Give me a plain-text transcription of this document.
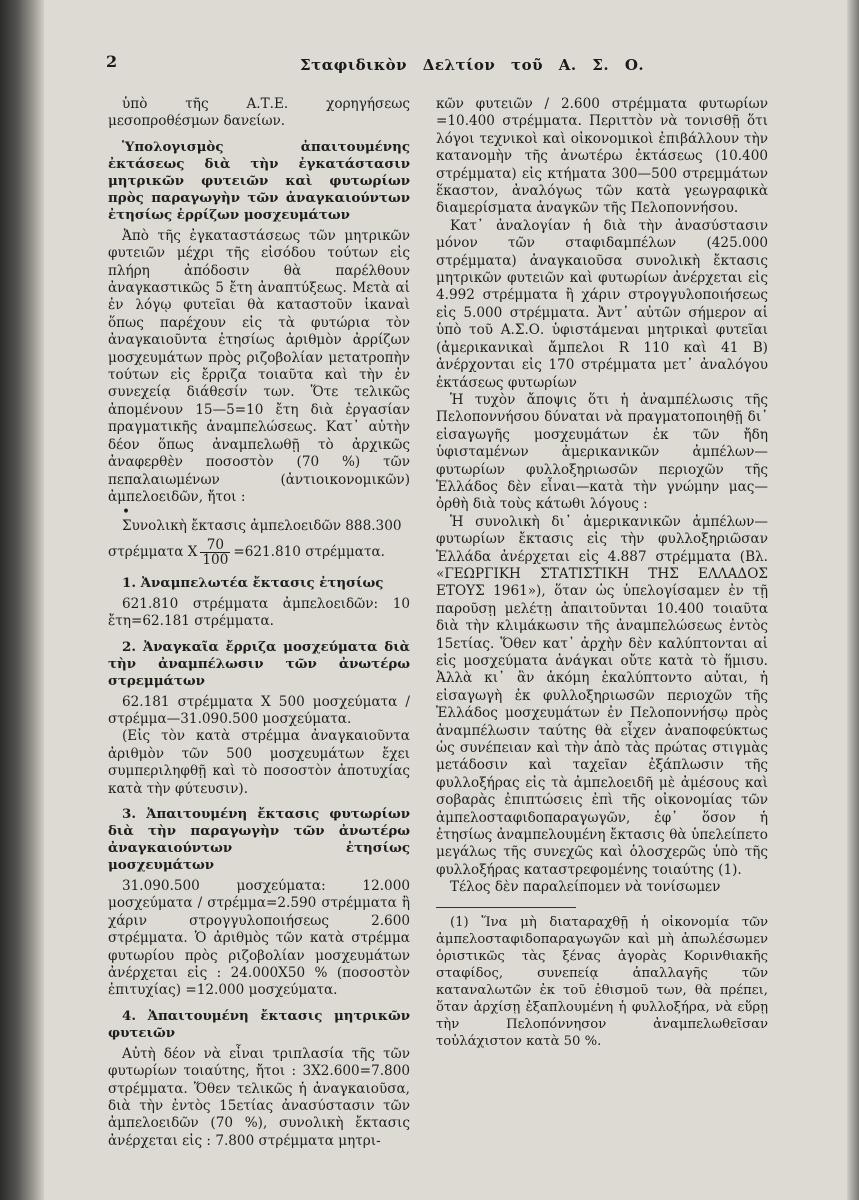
2	Σταφιδικὸν Δελτίον τοῦ Α. Σ. Ο.

ὑπὸ τῆς Α.Τ.Ε. χορηγήσεως μεσοπροθέσμων δανείων.

Ὑπολογισμὸς ἀπαιτουμένης ἐκτάσεως διὰ τὴν ἐγκατάστασιν μητρικῶν φυτειῶν καὶ φυτωρίων πρὸς παραγωγὴν τῶν ἀναγκαιούντων ἐτησίως ἐρρίζων μοσχευμάτων

Ἀπὸ τῆς ἐγκαταστάσεως τῶν μητρικῶν φυτειῶν μέχρι τῆς εἰσόδου τούτων εἰς πλήρη ἀπόδοσιν θὰ παρέλθουν ἀναγκαστικῶς 5 ἔτη ἀναπτύξεως. Μετὰ αἱ ἐν λόγῳ φυτεῖαι θὰ καταστοῦν ἱκαναὶ ὅπως παρέχουν εἰς τὰ φυτώρια τὸν ἀναγκαιοῦντα ἐτησίως ἀριθμὸν ἀρρίζων μοσχευμάτων πρὸς ριζοβολίαν μετατροπὴν τούτων εἰς ἔρριζα τοιαῦτα καὶ τὴν ἐν συνεχείᾳ διάθεσίν των. Ὅτε τελικῶς ἀπομένουν 15—5=10 ἔτη διὰ ἐργασίαν πραγματικῆς ἀναμπελώσεως. Κατ᾽ αὐτὴν δέον ὅπως ἀναμπελωθῇ τὸ ἀρχικῶς ἀναφερθὲν ποσοστὸν (70 %) τῶν πεπαλαιωμένων (ἀντιοικονομικῶν) ἀμπελοειδῶν, ἤτοι :

•

Συνολικὴ ἔκτασις ἀμπελοειδῶν 888.300

στρέμματα X $\frac{70}{100} =621.810$ στρέμματα.
1. Ἀναμπελωτέα ἔκτασις ἐτησίως

621.810 στρέμματα ἀμπελοειδῶν: 10 ἔτη=62.181 στρέμματα.

2. Ἀναγκαῖα ἔρριζα μοσχεύματα διὰ τὴν ἀναμπέλωσιν τῶν ἀνωτέρω στρεμμάτων

62.181 στρέμματα Χ 500 μοσχεύματα / στρέμμα—31.090.500 μοσχεύματα.

(Εἰς τὸν κατὰ στρέμμα ἀναγκαιοῦντα ἀριθμὸν τῶν 500 μοσχευμάτων ἔχει συμπεριληφθῇ καὶ τὸ ποσοστὸν ἀποτυχίας κατὰ τὴν φύτευσιν).

3. Ἀπαιτουμένη ἔκτασις φυτωρίων διὰ τὴν παραγωγὴν τῶν ἀνωτέρω ἀναγκαιούντων ἐτησίως μοσχευμάτων

31.090.500 μοσχεύματα: 12.000 μοσχεύματα / στρέμμα=2.590 στρέμματα ἢ χάριν στρογγυλοποιήσεως 2.600 στρέμματα. Ὁ ἀριθμὸς τῶν κατὰ στρέμμα φυτωρίου πρὸς ριζοβολίαν μοσχευμάτων ἀνέρχεται εἰς : 24.000Χ50 % (ποσοστὸν ἐπιτυχίας) =12.000 μοσχεύματα.

4. Ἀπαιτουμένη ἔκτασις μητρικῶν φυτειῶν

Αὐτὴ δέον νὰ εἶναι τριπλασία τῆς τῶν φυτωρίων τοιαύτης, ἤτοι : 3Χ2.600=7.800 στρέμματα. Ὅθεν τελικῶς ἡ ἀναγκαιοῦσα, διὰ τὴν ἐντὸς 15ετίας ἀνασύστασιν τῶν ἀμπελοειδῶν (70 %), συνολικὴ ἔκτασις ἀνέρχεται εἰς : 7.800 στρέμματα μητρι-

κῶν φυτειῶν / 2.600 στρέμματα φυτωρίων =10.400 στρέμματα. Περιττὸν νὰ τονισθῇ ὅτι λόγοι τεχνικοὶ καὶ οἰκονομικοὶ ἐπιβάλλουν τὴν κατανομὴν τῆς ἀνωτέρω ἐκτάσεως (10.400 στρέμματα) εἰς κτήματα 300—500 στρεμμάτων ἕκαστον, ἀναλόγως τῶν κατὰ γεωγραφικὰ διαμερίσματα ἀναγκῶν τῆς Πελοποννήσου.

Κατ᾽ ἀναλογίαν ἡ διὰ τὴν ἀνασύστασιν μόνον τῶν σταφιδαμπέλων (425.000 στρέμματα) ἀναγκαιοῦσα συνολικὴ ἔκτασις μητρικῶν φυτειῶν καὶ φυτωρίων ἀνέρχεται εἰς 4.992 στρέμματα ἢ χάριν στρογγυλοποιήσεως εἰς 5.000 στρέμματα. Ἀντ᾽ αὐτῶν σήμερον αἱ ὑπὸ τοῦ Α.Σ.Ο. ὑφιστάμεναι μητρικαὶ φυτεῖαι (ἀμερικανικαὶ ἄμπελοι R 110 καὶ 41 B) ἀνέρχονται εἰς 170 στρέμματα μετ᾽ ἀναλόγου ἐκτάσεως φυτωρίων

Ἡ τυχὸν ἄποψις ὅτι ἡ ἀναμπέλωσις τῆς Πελοποννήσου δύναται νὰ πραγματοποιηθῇ δι᾽ εἰσαγωγῆς μοσχευμάτων ἐκ τῶν ἤδη ὑφισταμένων ἀμερικανικῶν ἀμπέλων—φυτωρίων φυλλοξηριωσῶν περιοχῶν τῆς Ἑλλάδος δὲν εἶναι—κατὰ τὴν γνώμην μας—ὀρθὴ διὰ τοὺς κάτωθι λόγους :

Ἡ συνολικὴ δι᾽ ἀμερικανικῶν ἀμπέλων—φυτωρίων ἔκτασις εἰς τὴν φυλλοξηριῶσαν Ἑλλάδα ἀνέρχεται εἰς 4.887 στρέμματα (Βλ. «ΓΕΩΡΓΙΚΗ ΣΤΑΤΙΣΤΙΚΗ ΤΗΣ ΕΛΛΑΔΟΣ ΕΤΟΥΣ 1961»), ὅταν ὡς ὑπελογίσαμεν ἐν τῇ παροῦσῃ μελέτῃ ἀπαιτοῦνται 10.400 τοιαῦτα διὰ τὴν κλιμάκωσιν τῆς ἀναμπελώσεως ἐντὸς 15ετίας. Ὅθεν κατ᾽ ἀρχὴν δὲν καλύπτονται αἱ εἰς μοσχεύματα ἀνάγκαι οὔτε κατὰ τὸ ἥμισυ. Ἀλλὰ κι᾽ ἂν ἀκόμη ἐκαλύπτοντο αὐται, ἡ εἰσαγωγὴ ἐκ φυλλοξηριωσῶν περιοχῶν τῆς Ἑλλάδος μοσχευμάτων ἐν Πελοποννήσῳ πρὸς ἀναμπέλωσιν ταύτης θὰ εἶχεν ἀναποφεύκτως ὡς συνέπειαν καὶ τὴν ἀπὸ τὰς πρώτας στιγμὰς μετάδοσιν καὶ ταχεῖαν ἐξάπλωσιν τῆς φυλλοξήρας εἰς τὰ ἀμπελοειδῆ μὲ ἀμέσους καὶ σοβαρὰς ἐπιπτώσεις ἐπὶ τῆς οἰκονομίας τῶν ἀμπελοσταφιδοπαραγωγῶν, ἐφ᾽ ὅσον ἡ ἐτησίως ἀναμπελουμένη ἔκτασις θὰ ὑπελείπετο μεγάλως τῆς συνεχῶς καὶ ὁλοσχερῶς ὑπὸ τῆς φυλλοξήρας καταστρεφομένης τοιαύτης (1).

Τέλος δὲν παραλείπομεν νὰ τονίσωμεν

(1) Ἵνα μὴ διαταραχθῇ ἡ οἰκονομία τῶν ἀμπελοσταφιδοπαραγωγῶν καὶ μὴ ἀπωλέσωμεν ὁριστικῶς τὰς ξένας ἀγορὰς Κορινθιακῆς σταφίδος, συνεπείᾳ ἀπαλλαγῆς τῶν καταναλωτῶν ἐκ τοῦ ἐθισμοῦ των, θὰ πρέπει, ὅταν ἀρχίσῃ ἐξαπλουμένη ἡ φυλλοξήρα, νὰ εὕρῃ τὴν Πελοπόννησον ἀναμπελωθεῖσαν τοὐλάχιστον κατὰ 50 %.
